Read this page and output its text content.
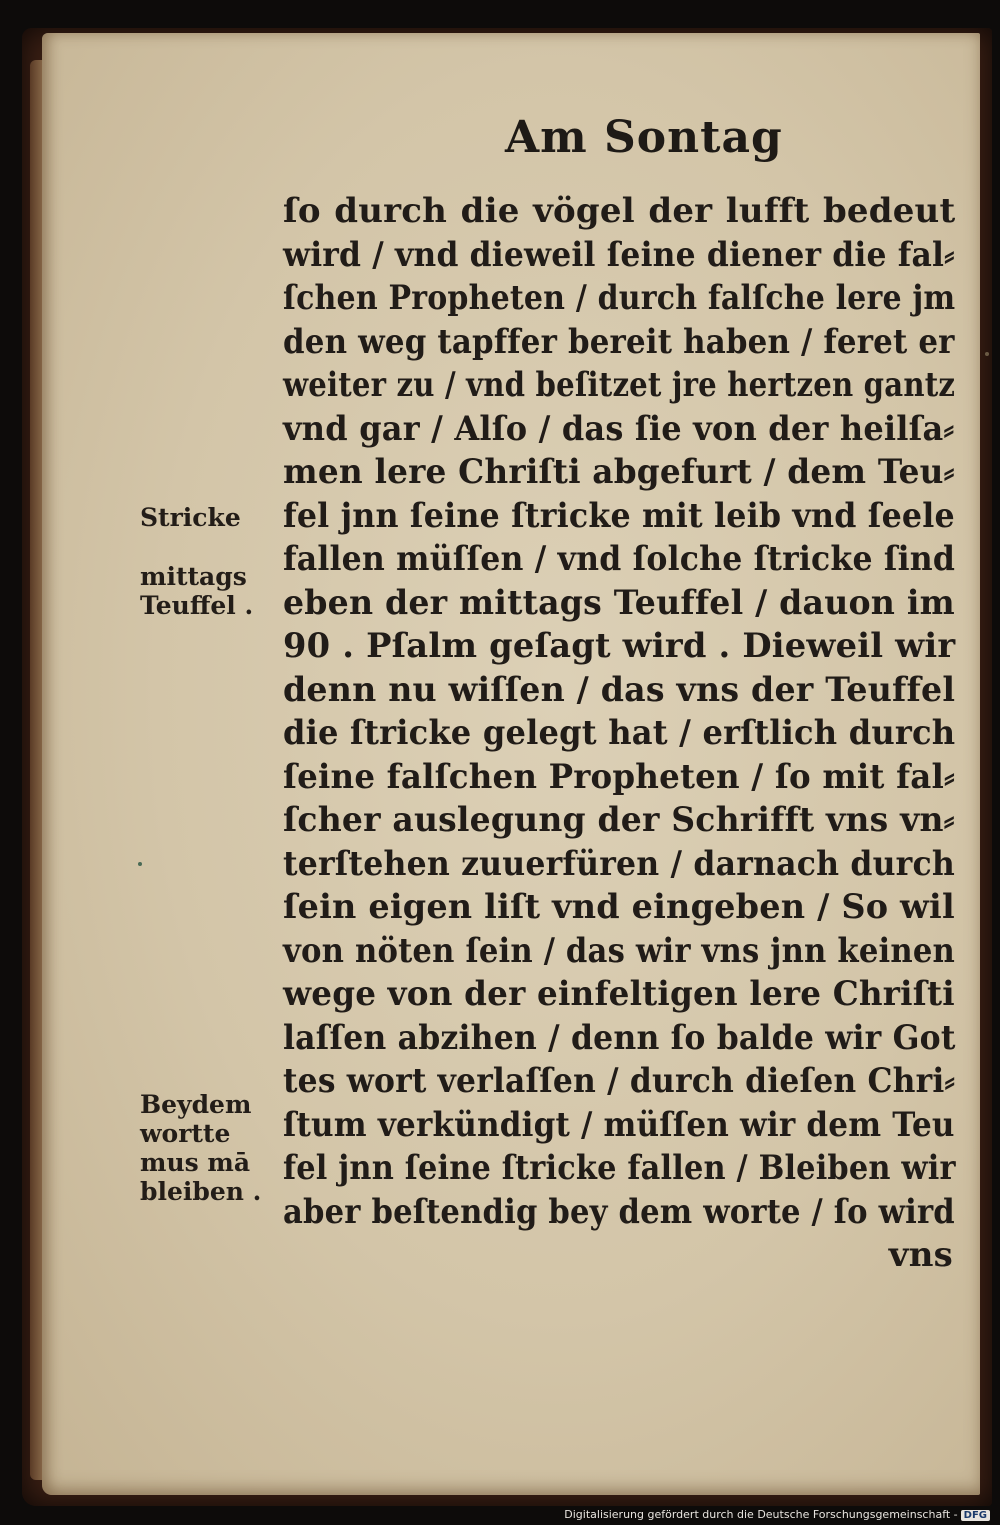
Am Sontag
ſo durch die vögel der lufft bedeut
wird / vnd dieweil ſeine diener die fal⸗
ſchen Propheten / durch falſche lere jm
den weg tapffer bereit haben / feret er
weiter zu / vnd beſitzet jre hertzen gantz
vnd gar / Alſo / das ſie von der heilſa⸗
men lere Chriſti abgefurt / dem Teu⸗
fel jnn ſeine ſtricke mit leib vnd ſeele
fallen müſſen / vnd ſolche ſtricke ſind
eben der mittags Teuffel / dauon im
90 . Pſalm geſagt wird . Dieweil wir
denn nu wiſſen / das vns der Teuffel
die ſtricke gelegt hat / erſtlich durch
ſeine falſchen Propheten / ſo mit fal⸗
ſcher auslegung der Schrifft vns vn⸗
terſtehen zuuerfüren / darnach durch
ſein eigen liſt vnd eingeben / So wil
von nöten ſein / das wir vns jnn keinen
wege von der einfeltigen lere Chriſti
laſſen abzihen / denn ſo balde wir Got
tes wort verlaſſen / durch dieſen Chri⸗
ſtum verkündigt / müſſen wir dem Teu
fel jnn ſeine ſtricke fallen / Bleiben wir
aber beſtendig bey dem worte / ſo wird
vns
Stricke
mittags
Teuffel .
Beydem
wortte
mus mā
bleiben .
Digitalisierung gefördert durch die Deutsche Forschungsgemeinschaft - DFG
